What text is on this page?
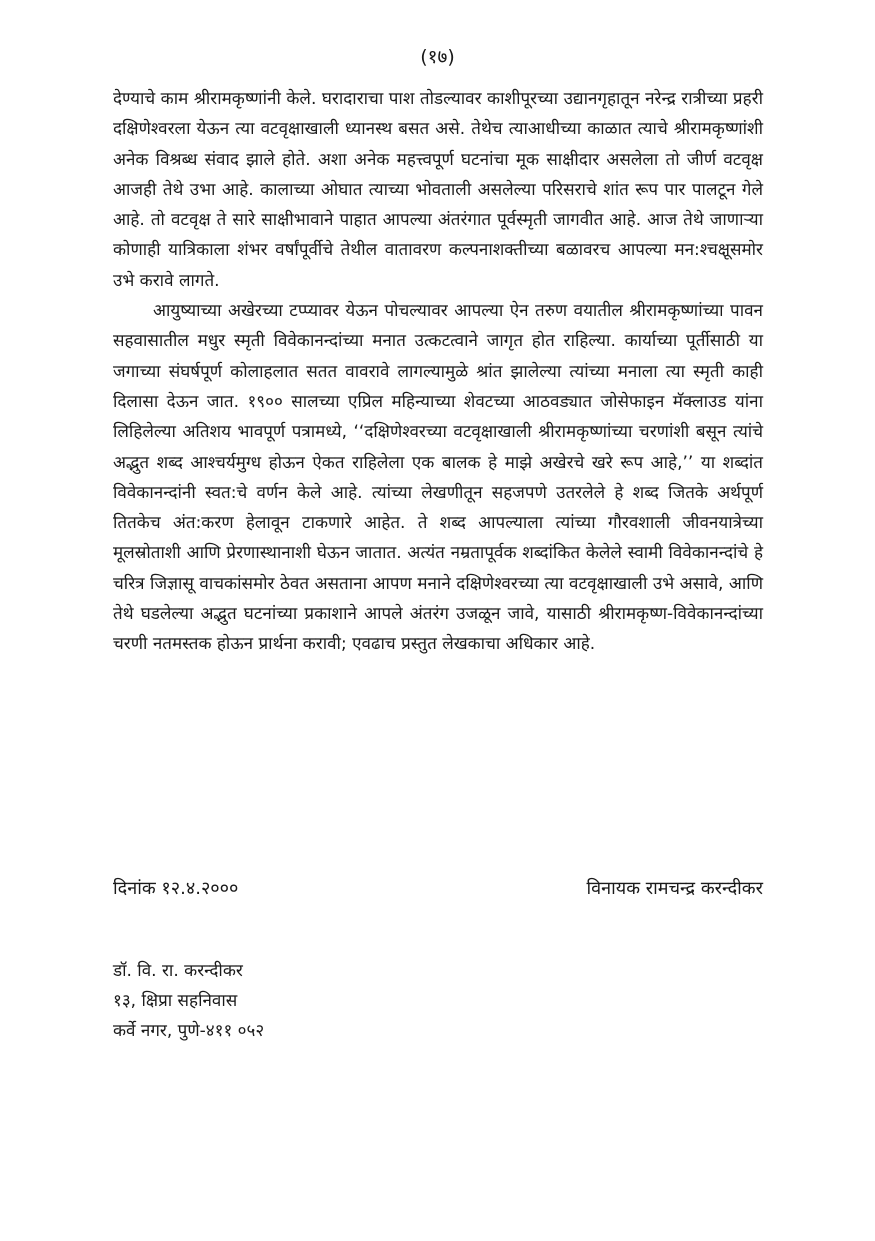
(१७)

देण्याचे काम श्रीरामकृष्णांनी केले. घरादाराचा पाश तोडल्यावर काशीपूरच्या उद्यानगृहातून नरेन्द्र रात्रीच्या प्रहरी दक्षिणेश्वरला येऊन त्या वटवृक्षाखाली ध्यानस्थ बसत असे. तेथेच त्याआधीच्या काळात त्याचे श्रीरामकृष्णांशी अनेक विश्रब्ध संवाद झाले होते. अशा अनेक महत्त्वपूर्ण घटनांचा मूक साक्षीदार असलेला तो जीर्ण वटवृक्ष आजही तेथे उभा आहे. कालाच्या ओघात त्याच्या भोवताली असलेल्या परिसराचे शांत रूप पार पालटून गेले आहे. तो वटवृक्ष ते सारे साक्षीभावाने पाहात आपल्या अंतरंगात पूर्वस्मृती जागवीत आहे. आज तेथे जाणाऱ्या कोणाही यात्रिकाला शंभर वर्षांपूर्वीचे तेथील वातावरण कल्पनाशक्तीच्या बळावरच आपल्या मन:श्चक्षूसमोर उभे करावे लागते.

आयुष्याच्या अखेरच्या टप्प्यावर येऊन पोचल्यावर आपल्या ऐन तरुण वयातील श्रीरामकृष्णांच्या पावन सहवासातील मधुर स्मृती विवेकानन्दांच्या मनात उत्कटत्वाने जागृत होत राहिल्या. कार्याच्या पूर्तीसाठी या जगाच्या संघर्षपूर्ण कोलाहलात सतत वावरावे लागल्यामुळे श्रांत झालेल्या त्यांच्या मनाला त्या स्मृती काही दिलासा देऊन जात. १९०० सालच्या एप्रिल महिन्याच्या शेवटच्या आठवड्यात जोसेफाइन मॅक्लाउड यांना लिहिलेल्या अतिशय भावपूर्ण पत्रामध्ये, ‘‘दक्षिणेश्वरच्या वटवृक्षाखाली श्रीरामकृष्णांच्या चरणांशी बसून त्यांचे अद्भुत शब्द आश्चर्यमुग्ध होऊन ऐकत राहिलेला एक बालक हे माझे अखेरचे खरे रूप आहे,’’ या शब्दांत विवेकानन्दांनी स्वत:चे वर्णन केले आहे. त्यांच्या लेखणीतून सहजपणे उतरलेले हे शब्द जितके अर्थपूर्ण तितकेच अंत:करण हेलावून टाकणारे आहेत. ते शब्द आपल्याला त्यांच्या गौरवशाली जीवनयात्रेच्या मूलस्रोताशी आणि प्रेरणास्थानाशी घेऊन जातात. अत्यंत नम्रतापूर्वक शब्दांकित केलेले स्वामी विवेकानन्दांचे हे चरित्र जिज्ञासू वाचकांसमोर ठेवत असताना आपण मनाने दक्षिणेश्वरच्या त्या वटवृक्षाखाली उभे असावे, आणि तेथे घडलेल्या अद्भुत घटनांच्या प्रकाशाने आपले अंतरंग उजळून जावे, यासाठी श्रीरामकृष्ण-विवेकानन्दांच्या चरणी नतमस्तक होऊन प्रार्थना करावी; एवढाच प्रस्तुत लेखकाचा अधिकार आहे.

दिनांक १२.४.२०००	विनायक रामचन्द्र करन्दीकर
डॉ. वि. रा. करन्दीकर
१३, क्षिप्रा सहनिवास
कर्वे नगर, पुणे-४११ ०५२
